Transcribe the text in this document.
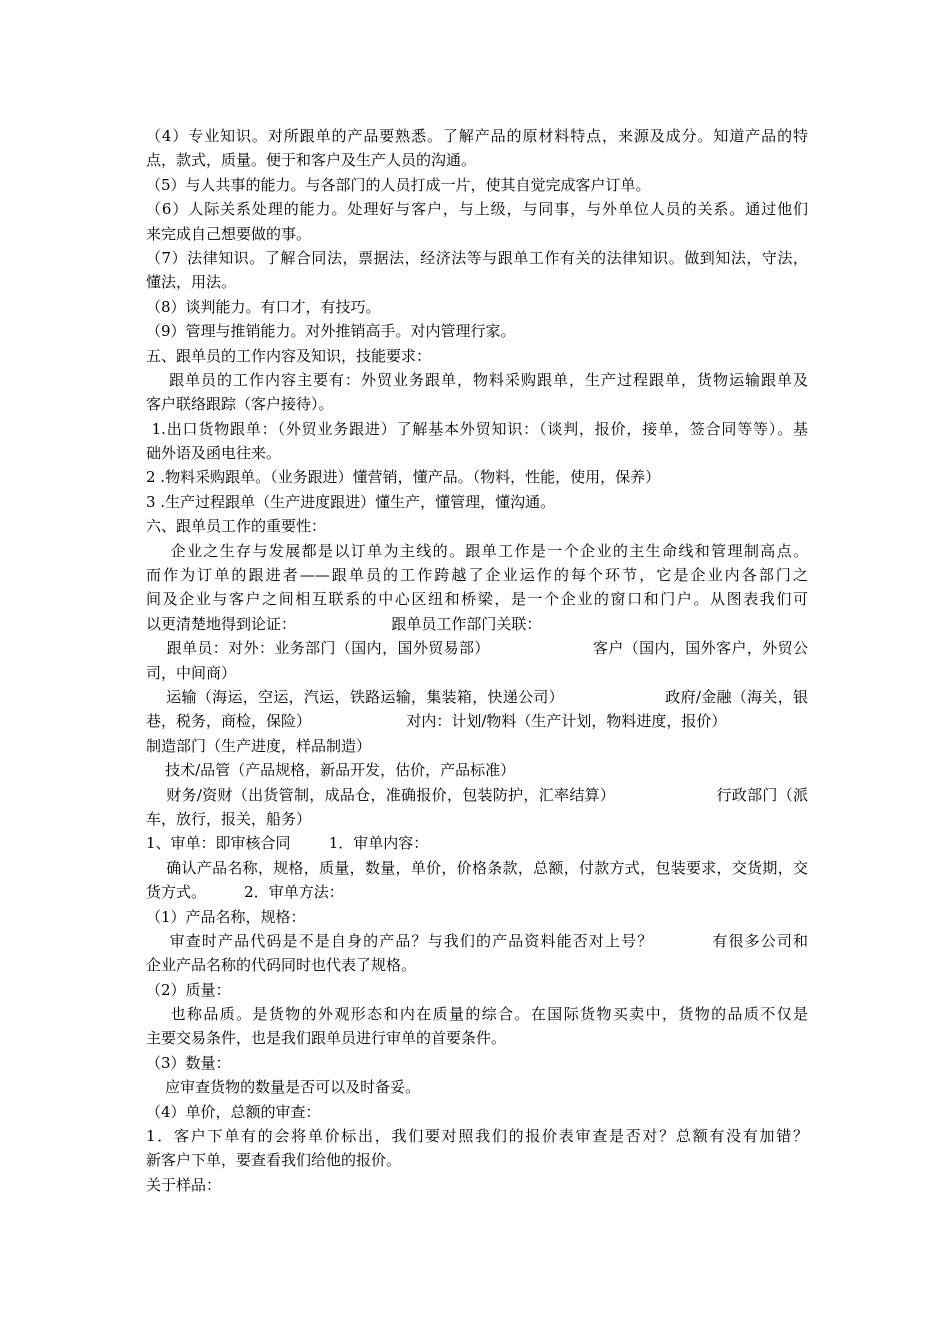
（4）专业知识。对所跟单的产品要熟悉。了解产品的原材料特点，来源及成分。知道产品的特
点，款式，质量。便于和客户及生产人员的沟通。
（5）与人共事的能力。与各部门的人员打成一片，使其自觉完成客户订单。
（6）人际关系处理的能力。处理好与客户，与上级，与同事，与外单位人员的关系。通过他们
来完成自己想要做的事。
（7）法律知识。了解合同法，票据法，经济法等与跟单工作有关的法律知识。做到知法，守法，
懂法，用法。
（8）谈判能力。有口才，有技巧。
（9）管理与推销能力。对外推销高手。对内管理行家。
五、跟单员的工作内容及知识，技能要求：
跟单员的工作内容主要有：外贸业务跟单，物料采购跟单，生产过程跟单，货物运输跟单及
客户联络跟踪（客户接待）。
1.出口货物跟单：（外贸业务跟进）了解基本外贸知识：（谈判，报价，接单，签合同等等）。基
础外语及函电往来。
2 .物料采购跟单。（业务跟进）懂营销，懂产品。（物料，性能，使用，保养）
3 .生产过程跟单（生产进度跟进）懂生产，懂管理，懂沟通。
六、跟单员工作的重要性：
企业之生存与发展都是以订单为主线的。跟单工作是一个企业的主生命线和管理制高点。
而作为订单的跟进者——跟单员的工作跨越了企业运作的每个环节，它是企业内各部门之
间及企业与客户之间相互联系的中心区纽和桥梁，是一个企业的窗口和门户。从图表我们可
以更清楚地得到论证：                    跟单员工作部门关联：
跟单员：对外：业务部门（国内，国外贸易部）                    客户（国内，国外客户，外贸公
司，中间商）
运输（海运，空运，汽运，铁路运输，集装箱，快递公司）                    政府/金融（海关，银
巷，税务，商检，保险）                    对内：计划/物料（生产计划，物料进度，报价）
制造部门（生产进度，样品制造）
技术/品管（产品规格，新品开发，估价，产品标准）
财务/资财（出货管制，成品仓，准确报价，包装防护，汇率结算）                    行政部门（派
车，放行，报关，船务）
1、审单：即审核合同        1．审单内容：
确认产品名称，规格，质量，数量，单价，价格条款，总额，付款方式，包装要求，交货期，交
货方式。        2．审单方法：
（1）产品名称，规格：
审查时产品代码是不是自身的产品？与我们的产品资料能否对上号？          有很多公司和
企业产品名称的代码同时也代表了规格。
（2）质量：
也称品质。是货物的外观形态和内在质量的综合。在国际货物买卖中，货物的品质不仅是
主要交易条件，也是我们跟单员进行审单的首要条件。
（3）数量：
应审查货物的数量是否可以及时备妥。
（4）单价，总额的审查：
1．客户下单有的会将单价标出，我们要对照我们的报价表审查是否对？总额有没有加错？
新客户下单，要查看我们给他的报价。
关于样品：
